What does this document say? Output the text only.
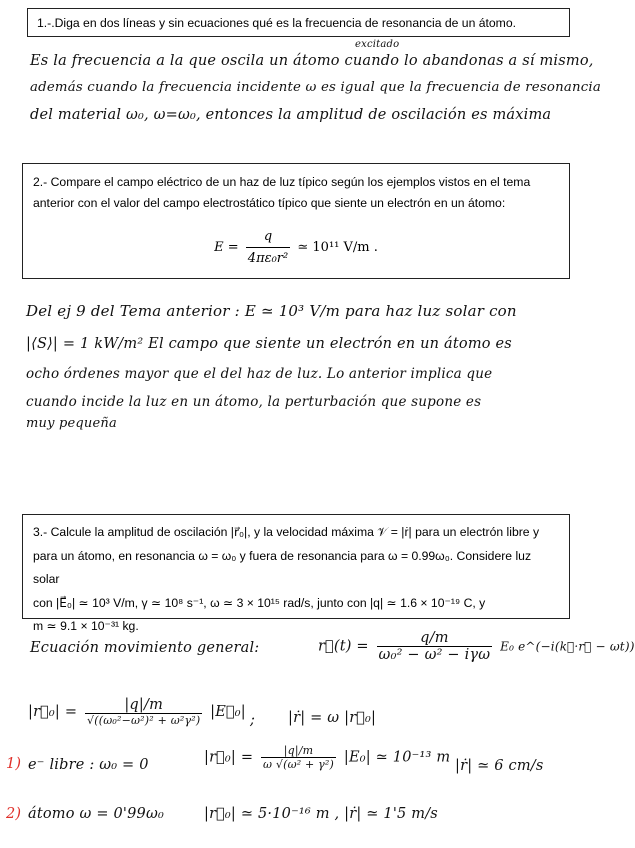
1.-.Diga en dos líneas y sin ecuaciones qué es la frecuencia de resonancia de un átomo.
excitado
Es la frecuencia a la que oscila un átomo cuando lo abandonas a sí mismo,
además cuando la frecuencia incidente ω es igual que la frecuencia de resonancia
del material ω₀, ω=ω₀, entonces la amplitud de oscilación es máxima
2.- Compare el campo eléctrico de un haz de luz típico según los ejemplos vistos en el tema anterior con el valor del campo electrostático típico que siente un electrón en un átomo:
$E = \frac{q}{\text{4πε₀r²}}$ ≃ 10¹¹ V/m .
Del ej 9 del Tema anterior : E ≃ 10³ V/m para haz luz solar con
|⟨S⟩| = 1 kW/m² El campo que siente un electrón en un átomo es
ocho órdenes mayor que el del haz de luz. Lo anterior implica que
cuando incide la luz en un átomo, la perturbación que supone es
muy pequeña
3.- Calcule la amplitud de oscilación |r⃗₀|, y la velocidad máxima 𝒱 = |ṙ| para un electrón libre y
para un átomo, en resonancia ω = ω₀ y fuera de resonancia para ω = 0.99ω₀. Considere luz solar
con |E⃗₀| ≃ 10³ V/m, γ ≃ 10⁸ s⁻¹, ω ≃ 3 × 10¹⁵ rad/s, junto con |q| ≃ 1.6 × 10⁻¹⁹ C, y
m ≃ 9.1 × 10⁻³¹ kg.
Ecuación movimiento general:	r⃗(t) = $\frac{q/m}{\text{ω₀² − ω² − iγω}} E_0$ e^(−i(k⃗·r⃗ − ωt))
|r⃗₀| = $\frac{|q|/m}{\text{√((ω₀²−ω²)² + ω²γ²)}}$ |E⃗₀| ; |ṙ| = ω |r⃗₀|
1) e⁻ libre : ω₀ = 0	|r⃗₀| = $\frac{|q|/m}{\text{ω √(ω² + γ²)}} |E_0|$ ≃ 10⁻¹³ m
|ṙ| ≃ 6 cm/s
2) átomo ω = 0'99ω₀	|r⃗₀| ≃ 5·10⁻¹⁶ m , |ṙ| ≃ 1'5 m/s
